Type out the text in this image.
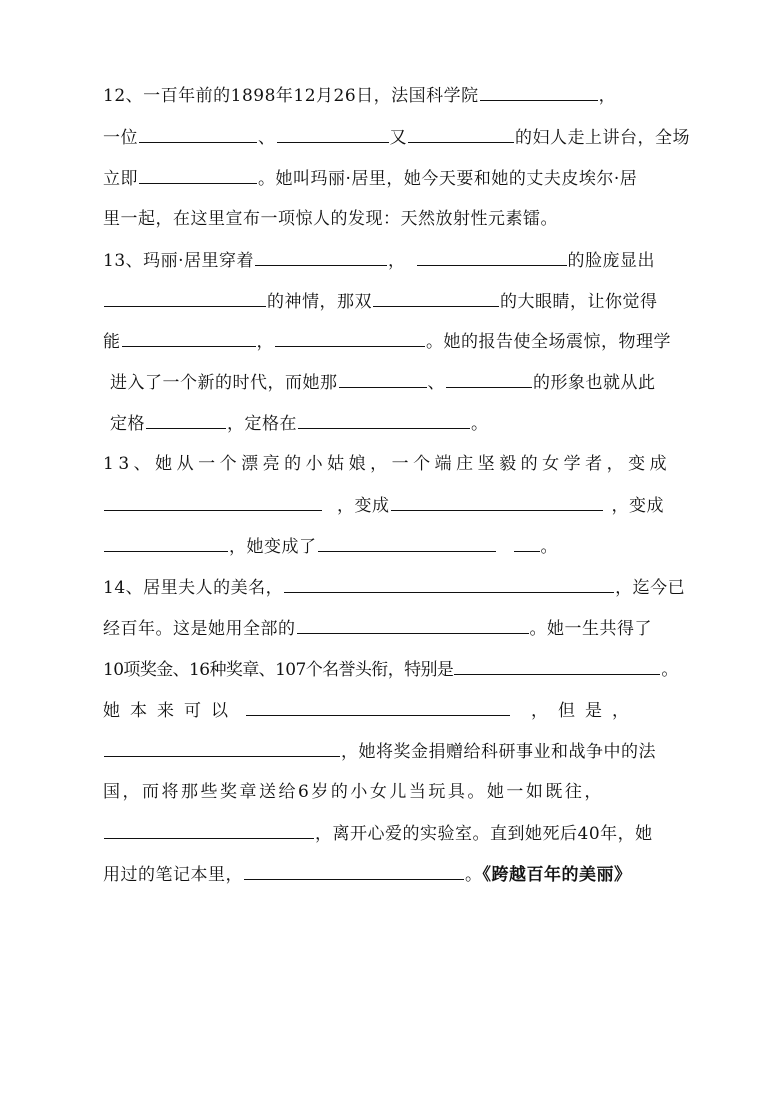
12、一百年前的1898年12月26日，法国科学院	，
一位	、	又	的妇人走上讲台，全场
立即	。她叫玛丽·居里，她今天要和她的丈夫皮埃尔·居
里一起，在这里宣布一项惊人的发现：天然放射性元素镭。
13、玛丽·居里穿着	，	的脸庞显出
的神情，那双	的大眼睛，让你觉得
能	，	。她的报告使全场震惊，物理学
进入了一个新的时代，而她那	、	的形象也就从此
定格	，定格在	。
13、她从一个漂亮的小姑娘，一个端庄坚毅的女学者，变成
，变成	，变成
，她变成了	。
14、居里夫人的美名，	，迄今已
经百年。这是她用全部的	。她一生共得了
10项奖金、16种奖章、107个名誉头衔，特别是	。
她本来可以	，但是，
，她将奖金捐赠给科研事业和战争中的法
国，而将那些奖章送给6岁的小女儿当玩具。她一如既往，
，离开心爱的实验室。直到她死后40年，她
用过的笔记本里，	。《跨越百年的美丽》
